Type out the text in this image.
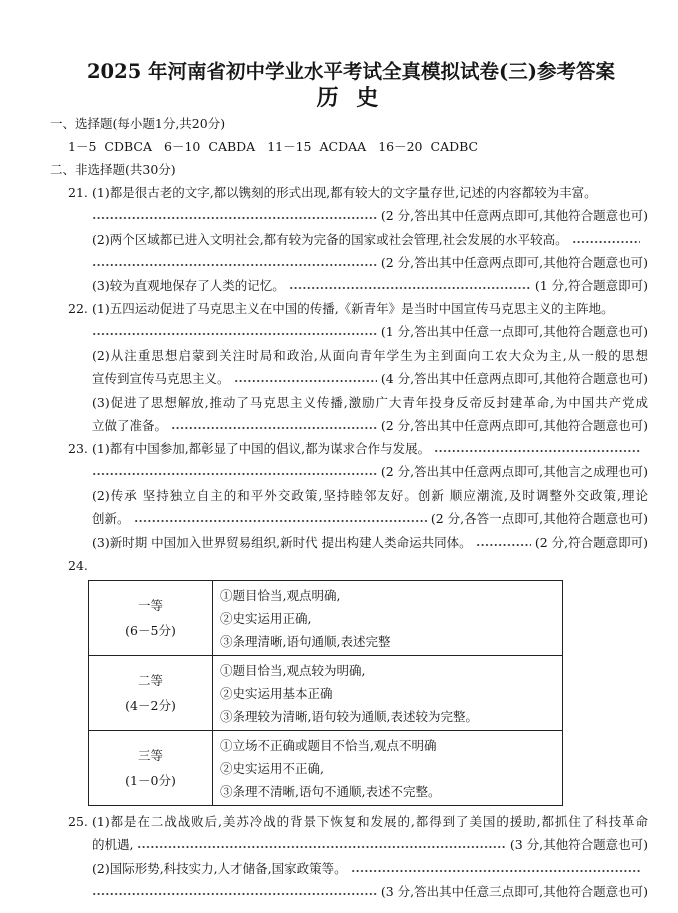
2025 年河南省初中学业水平考试全真模拟试卷(三)参考答案
历 史
一、选择题(每小题1分,共20分)
1－5 CDBCA 6－10 CABDA 11－15 ACDAA 16－20 CADBC
二、非选择题(共30分)
21. (1)都是很古老的文字,都以镌刻的形式出现,都有较大的文字量存世,记述的内容都较为丰富。
(2 分,答出其中任意两点即可,其他符合题意也可)
(2)两个区域都已进入文明社会,都有较为完备的国家或社会管理,社会发展的水平较高。
(2 分,答出其中任意两点即可,其他符合题意也可)
(3)较为直观地保存了人类的记忆。	(1 分,符合题意即可)
22. (1)五四运动促进了马克思主义在中国的传播,《新青年》是当时中国宣传马克思主义的主阵地。
(1 分,答出其中任意一点即可,其他符合题意也可)
(2)从注重思想启蒙到关注时局和政治,从面向青年学生为主到面向工农大众为主,从一般的思想
宣传到宣传马克思主义。	(4 分,答出其中任意两点即可,其他符合题意也可)
(3)促进了思想解放,推动了马克思主义传播,激励广大青年投身反帝反封建革命,为中国共产党成
立做了准备。	(2 分,答出其中任意两点即可,其他符合题意也可)
23. (1)都有中国参加,都彰显了中国的倡议,都为谋求合作与发展。
(2 分,答出其中任意两点即可,其他言之成理也可)
(2)传承 坚持独立自主的和平外交政策,坚持睦邻友好。创新 顺应潮流,及时调整外交政策,理论
创新。	(2 分,各答一点即可,其他符合题意也可)
(3)新时期 中国加入世界贸易组织,新时代 提出构建人类命运共同体。	(2 分,符合题意即可)
24.
一等
(6－5分)
①题目恰当,观点明确,
②史实运用正确,
③条理清晰,语句通顺,表述完整
二等
(4－2分)
①题目恰当,观点较为明确,
②史实运用基本正确
③条理较为清晰,语句较为通顺,表述较为完整。
三等
(1－0分)
①立场不正确或题目不恰当,观点不明确
②史实运用不正确,
③条理不清晰,语句不通顺,表述不完整。
25. (1)都是在二战战败后,美苏冷战的背景下恢复和发展的,都得到了美国的援助,都抓住了科技革命
的机遇,	(3 分,其他符合题意也可)
(2)国际形势,科技实力,人才储备,国家政策等。
(3 分,答出其中任意三点即可,其他符合题意也可)
